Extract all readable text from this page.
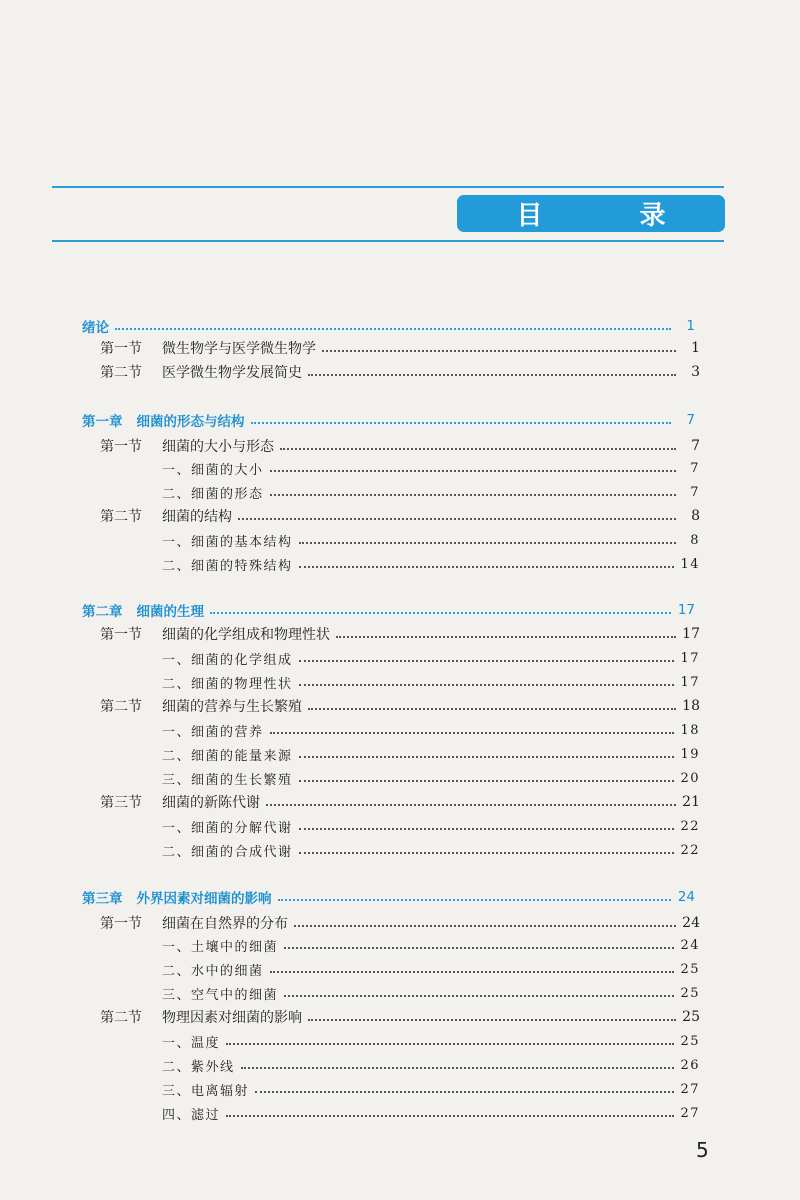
目 录
绪论	1
第一节	微生物学与医学微生物学	1
第二节	医学微生物学发展简史	3
第一章 细菌的形态与结构	7
第一节	细菌的大小与形态	7
一、细菌的大小	7
二、细菌的形态	7
第二节	细菌的结构	8
一、细菌的基本结构	8
二、细菌的特殊结构	14
第二章 细菌的生理	17
第一节	细菌的化学组成和物理性状	17
一、细菌的化学组成	17
二、细菌的物理性状	17
第二节	细菌的营养与生长繁殖	18
一、细菌的营养	18
二、细菌的能量来源	19
三、细菌的生长繁殖	20
第三节	细菌的新陈代谢	21
一、细菌的分解代谢	22
二、细菌的合成代谢	22
第三章 外界因素对细菌的影响	24
第一节	细菌在自然界的分布	24
一、土壤中的细菌	24
二、水中的细菌	25
三、空气中的细菌	25
第二节	物理因素对细菌的影响	25
一、温度	25
二、紫外线	26
三、电离辐射	27
四、滤过	27
5
